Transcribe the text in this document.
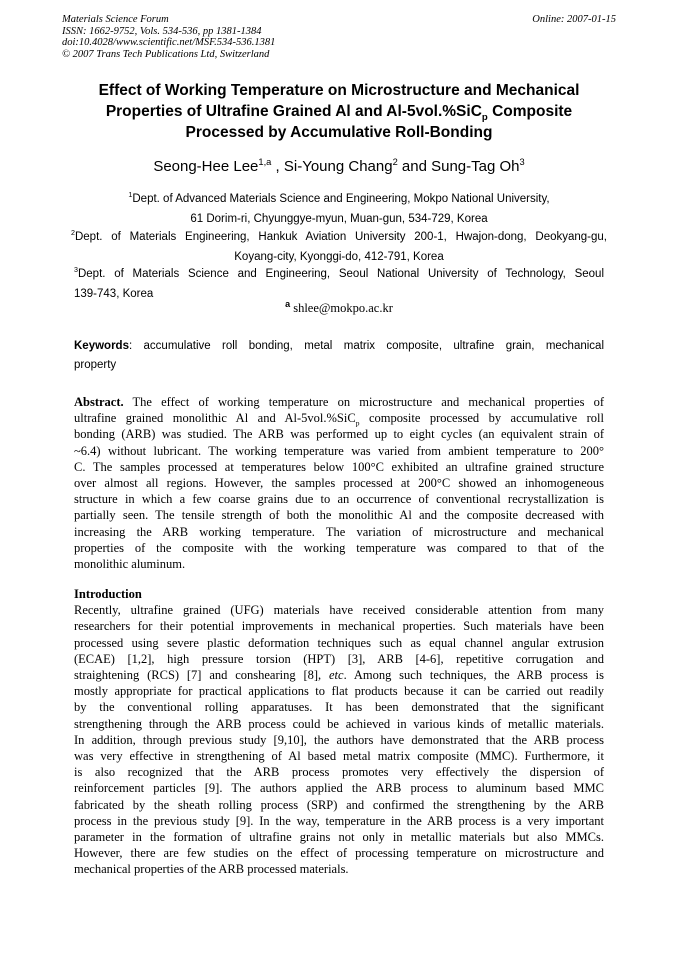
Materials Science Forum
ISSN: 1662-9752, Vols. 534-536, pp 1381-1384
doi:10.4028/www.scientific.net/MSF.534-536.1381
© 2007 Trans Tech Publications Ltd, Switzerland
Online: 2007-01-15
Effect of Working Temperature on Microstructure and Mechanical
Properties of Ultrafine Grained Al and Al-5vol.%SiC$_p$ Composite
Processed by Accumulative Roll-Bonding
Seong-Hee Lee$^{1,a}$ , Si-Young Chang$^2$ and Sung-Tag Oh$^3$
$^1$Dept. of Advanced Materials Science and Engineering, Mokpo National University,
61 Dorim-ri, Chyunggye-myun, Muan-gun, 534-729, Korea
$^2$Dept. of Materials Engineering, Hankuk Aviation University 200-1, Hwajon-dong, Deokyang-gu,
Koyang-city, Kyonggi-do, 412-791, Korea
$^3$Dept. of Materials Science and Engineering, Seoul National University of Technology, Seoul
139-743, Korea
$^a$ shlee@mokpo.ac.kr
Keywords: accumulative roll bonding, metal matrix composite, ultrafine grain, mechanical
property
Abstract. The effect of working temperature on microstructure and mechanical properties of
ultrafine grained monolithic Al and Al-5vol.%SiC$_p$ composite processed by accumulative roll
bonding (ARB) was studied. The ARB was performed up to eight cycles (an equivalent strain of
~6.4) without lubricant. The working temperature was varied from ambient temperature to 200°
C. The samples processed at temperatures below 100°C exhibited an ultrafine grained structure
over almost all regions. However, the samples processed at 200°C showed an inhomogeneous
structure in which a few coarse grains due to an occurrence of conventional recrystallization is
partially seen. The tensile strength of both the monolithic Al and the composite decreased with
increasing the ARB working temperature. The variation of microstructure and mechanical
properties of the composite with the working temperature was compared to that of the
monolithic aluminum.
Introduction
Recently, ultrafine grained (UFG) materials have received considerable attention from many
researchers for their potential improvements in mechanical properties. Such materials have been
processed using severe plastic deformation techniques such as equal channel angular extrusion
(ECAE) [1,2], high pressure torsion (HPT) [3], ARB [4-6], repetitive corrugation and
straightening (RCS) [7] and conshearing [8], etc. Among such techniques, the ARB process is
mostly appropriate for practical applications to flat products because it can be carried out readily
by the conventional rolling apparatuses. It has been demonstrated that the significant
strengthening through the ARB process could be achieved in various kinds of metallic materials.
In addition, through previous study [9,10], the authors have demonstrated that the ARB process
was very effective in strengthening of Al based metal matrix composite (MMC). Furthermore, it
is also recognized that the ARB process promotes very effectively the dispersion of
reinforcement particles [9]. The authors applied the ARB process to aluminum based MMC
fabricated by the sheath rolling process (SRP) and confirmed the strengthening by the ARB
process in the previous study [9]. In the way, temperature in the ARB process is a very important
parameter in the formation of ultrafine grains not only in metallic materials but also MMCs.
However, there are few studies on the effect of processing temperature on microstructure and
mechanical properties of the ARB processed materials.
